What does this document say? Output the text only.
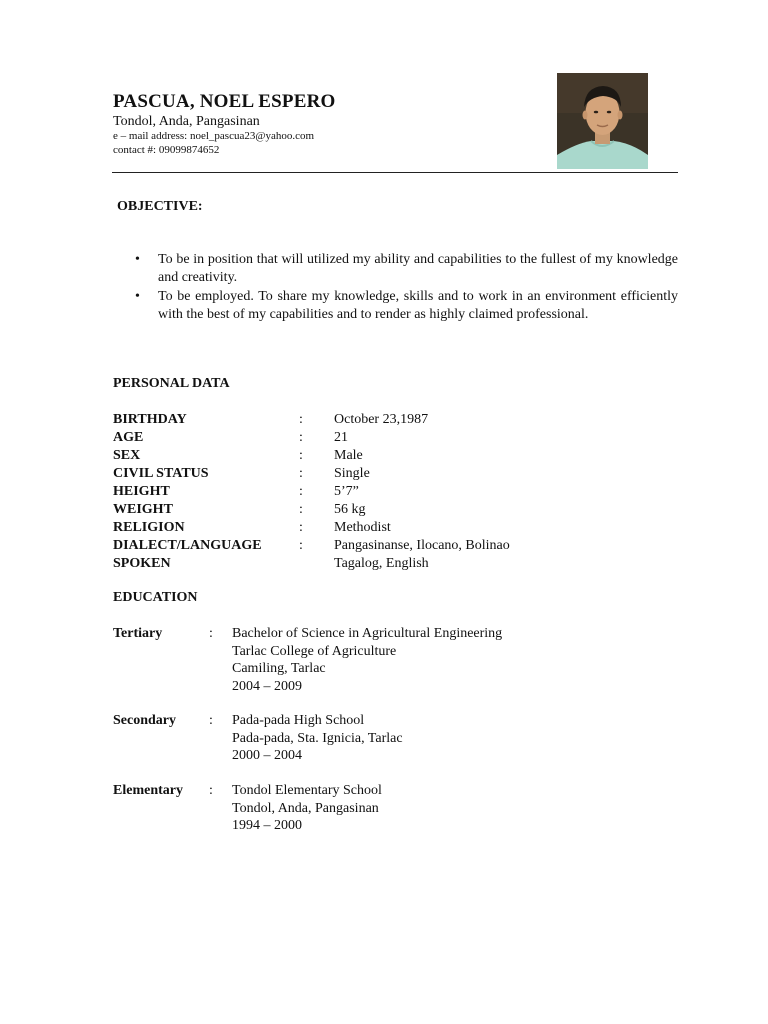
PASCUA, NOEL ESPERO
Tondol, Anda, Pangasinan
e – mail address: noel_pascua23@yahoo.com
contact #: 09099874652
OBJECTIVE:
• To be in position that will utilized my ability and capabilities to the fullest of my knowledge and creativity.
• To be employed. To share my knowledge, skills and to work in an environment efficiently with the best of my capabilities and to render as highly claimed professional.
PERSONAL DATA
BIRTHDAY	: October 23,1987
AGE	: 21
SEX	: Male
CIVIL STATUS	: Single
HEIGHT	: 5’7”
WEIGHT	: 56 kg
RELIGION	: Methodist
DIALECT/LANGUAGE	: Pangasinanse, Ilocano, Bolinao
SPOKEN	Tagalog, English
EDUCATION
Tertiary	: Bachelor of Science in Agricultural Engineering
Tarlac College of Agriculture
Camiling, Tarlac
2004 – 2009
Secondary : Pada-pada High School
Pada-pada, Sta. Ignicia, Tarlac
2000 – 2004
Elementary : Tondol Elementary School
Tondol, Anda, Pangasinan
1994 – 2000
